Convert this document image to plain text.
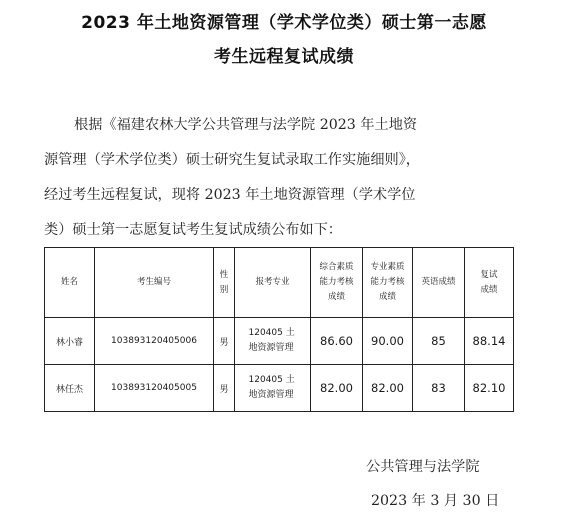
2023 年土地资源管理（学术学位类）硕士第一志愿
考生远程复试成绩
根据《福建农林大学公共管理与法学院 2023 年土地资
源管理（学术学位类）硕士研究生复试录取工作实施细则》，
经过考生远程复试，现将 2023 年土地资源管理（学术学位
类）硕士第一志愿复试考生复试成绩公布如下：
姓名	考生编号	性别	报考专业	综合素质能力考核成绩	专业素质能力考核成绩	英语成绩	复试成绩
林小睿	103893120405006	男	120405 土地资源管理	86.60	90.00	85	88.14
林任杰	103893120405005	男	120405 土地资源管理	82.00	82.00	83	82.10
公共管理与法学院
2023 年 3 月 30 日
